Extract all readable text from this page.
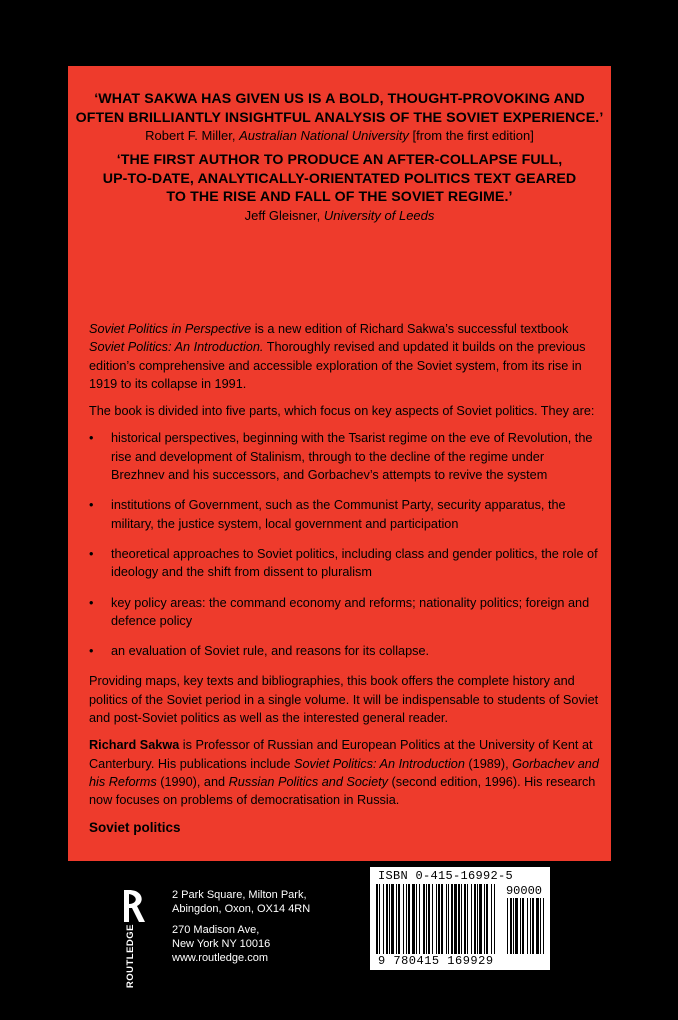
‘WHAT SAKWA HAS GIVEN US IS A BOLD, THOUGHT-PROVOKING AND
OFTEN BRILLIANTLY INSIGHTFUL ANALYSIS OF THE SOVIET EXPERIENCE.’
Robert F. Miller, Australian National University [from the first edition]
‘THE FIRST AUTHOR TO PRODUCE AN AFTER-COLLAPSE FULL,
UP-TO-DATE, ANALYTICALLY-ORIENTATED POLITICS TEXT GEARED
TO THE RISE AND FALL OF THE SOVIET REGIME.’
Jeff Gleisner, University of Leeds

Soviet Politics in Perspective is a new edition of Richard Sakwa’s successful textbook Soviet Politics: An Introduction. Thoroughly revised and updated it builds on the previous edition’s comprehensive and accessible exploration of the Soviet system, from its rise in 1919 to its collapse in 1991.

The book is divided into five parts, which focus on key aspects of Soviet politics. They are:

• historical perspectives, beginning with the Tsarist regime on the eve of Revolution, the rise and development of Stalinism, through to the decline of the regime under Brezhnev and his successors, and Gorbachev’s attempts to revive the system
• institutions of Government, such as the Communist Party, security apparatus, the military, the justice system, local government and participation
• theoretical approaches to Soviet politics, including class and gender politics, the role of ideology and the shift from dissent to pluralism
• key policy areas: the command economy and reforms; nationality politics; foreign and defence policy
• an evaluation of Soviet rule, and reasons for its collapse.

Providing maps, key texts and bibliographies, this book offers the complete history and politics of the Soviet period in a single volume. It will be indispensable to students of Soviet and post-Soviet politics as well as the interested general reader.

Richard Sakwa is Professor of Russian and European Politics at the University of Kent at Canterbury. His publications include Soviet Politics: An Introduction (1989), Gorbachev and his Reforms (1990), and Russian Politics and Society (second edition, 1996). His research now focuses on problems of democratisation in Russia.

Soviet politics
ROUTLEDGE
2 Park Square, Milton Park,
Abingdon, Oxon, OX14 4RN
270 Madison Ave,
New York NY 10016
www.routledge.com
ISBN 0-415-16992-5
90000
9 780415 169929
